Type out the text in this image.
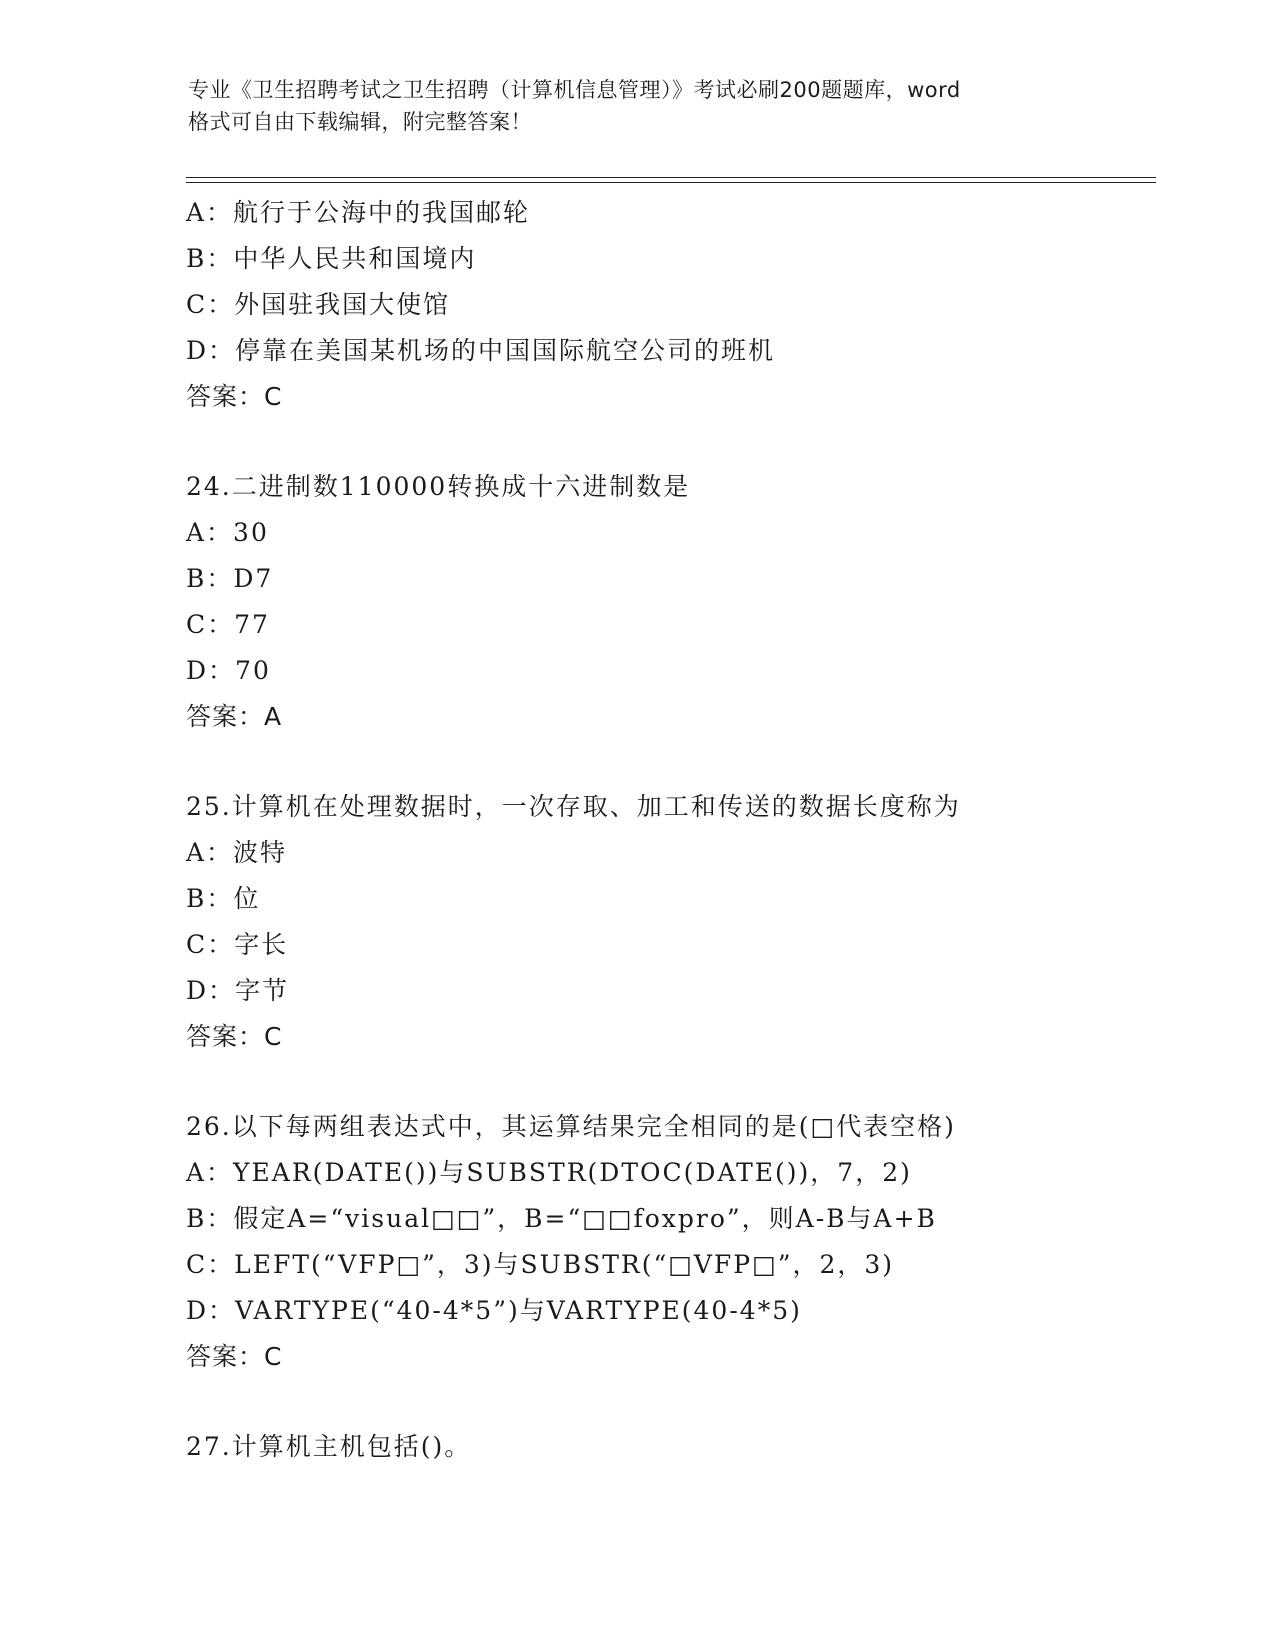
专业《卫生招聘考试之卫生招聘（计算机信息管理）》考试必刷200题题库，word
格式可自由下载编辑，附完整答案！
A：航行于公海中的我国邮轮
B：中华人民共和国境内
C：外国驻我国大使馆
D：停靠在美国某机场的中国国际航空公司的班机
答案：C
24.二进制数110000转换成十六进制数是
A：30
B：D7
C：77
D：70
答案：A
25.计算机在处理数据时，一次存取、加工和传送的数据长度称为
A：波特
B：位
C：字长
D：字节
答案：C
26.以下每两组表达式中，其运算结果完全相同的是(□代表空格)
A：YEAR(DATE())与SUBSTR(DTOC(DATE())，7，2)
B：假定A=“visual□□”，B=“□□foxpro”，则A-B与A+B
C：LEFT(“VFP□”，3)与SUBSTR(“□VFP□”，2，3)
D：VARTYPE(“40-4*5”)与VARTYPE(40-4*5)
答案：C
27.计算机主机包括()。
